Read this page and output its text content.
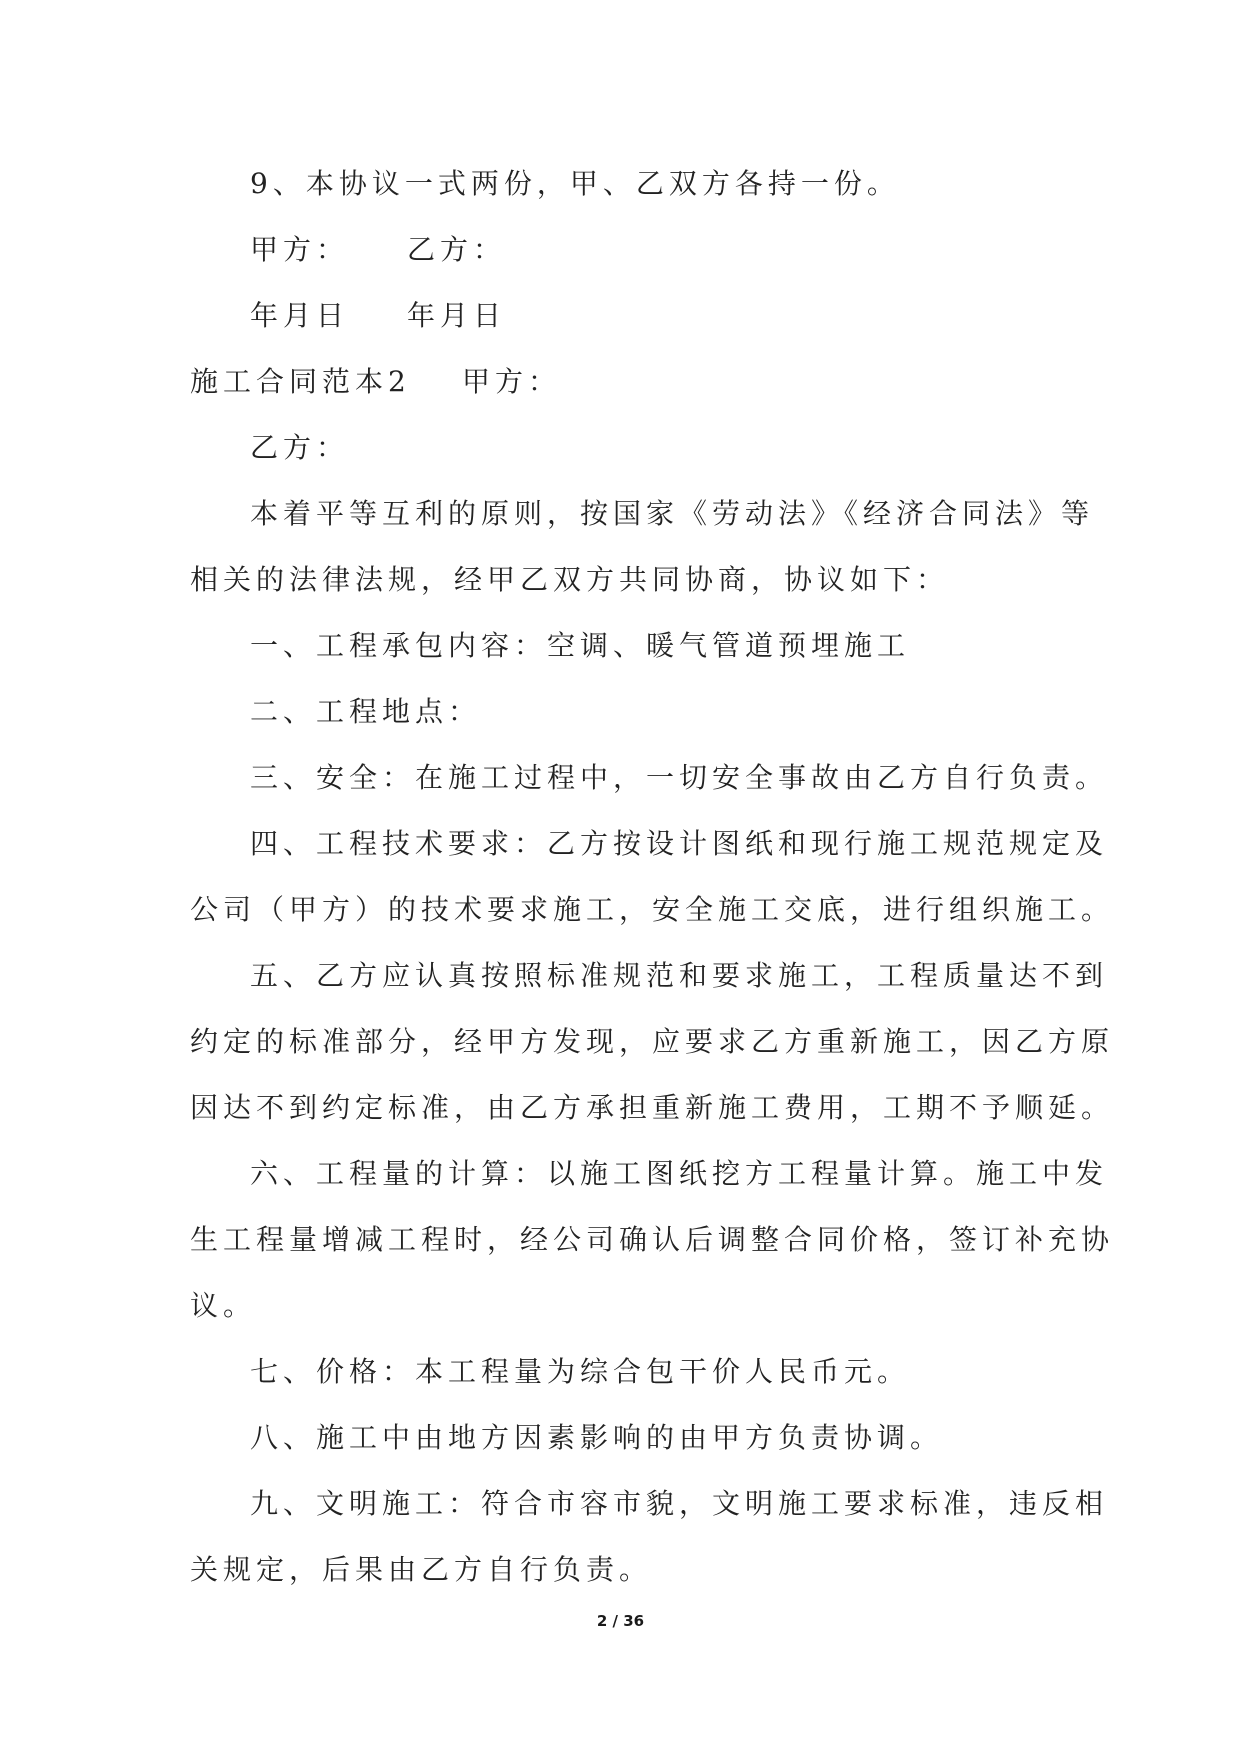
9、本协议一式两份，甲、乙双方各持一份。
甲方： 乙方：
年月日 年月日
施工合同范本2 甲方：
乙方：
本着平等互利的原则，按国家《劳动法》《经济合同法》等
相关的法律法规，经甲乙双方共同协商，协议如下：
一、工程承包内容：空调、暖气管道预埋施工
二、工程地点：
三、安全：在施工过程中，一切安全事故由乙方自行负责。
四、工程技术要求：乙方按设计图纸和现行施工规范规定及
公司（甲方）的技术要求施工，安全施工交底，进行组织施工。
五、乙方应认真按照标准规范和要求施工，工程质量达不到
约定的标准部分，经甲方发现，应要求乙方重新施工，因乙方原
因达不到约定标准，由乙方承担重新施工费用，工期不予顺延。
六、工程量的计算：以施工图纸挖方工程量计算。施工中发
生工程量增减工程时，经公司确认后调整合同价格，签订补充协
议。
七、价格：本工程量为综合包干价人民币元。
八、施工中由地方因素影响的由甲方负责协调。
九、文明施工：符合市容市貌，文明施工要求标准，违反相
关规定，后果由乙方自行负责。
2 / 36
